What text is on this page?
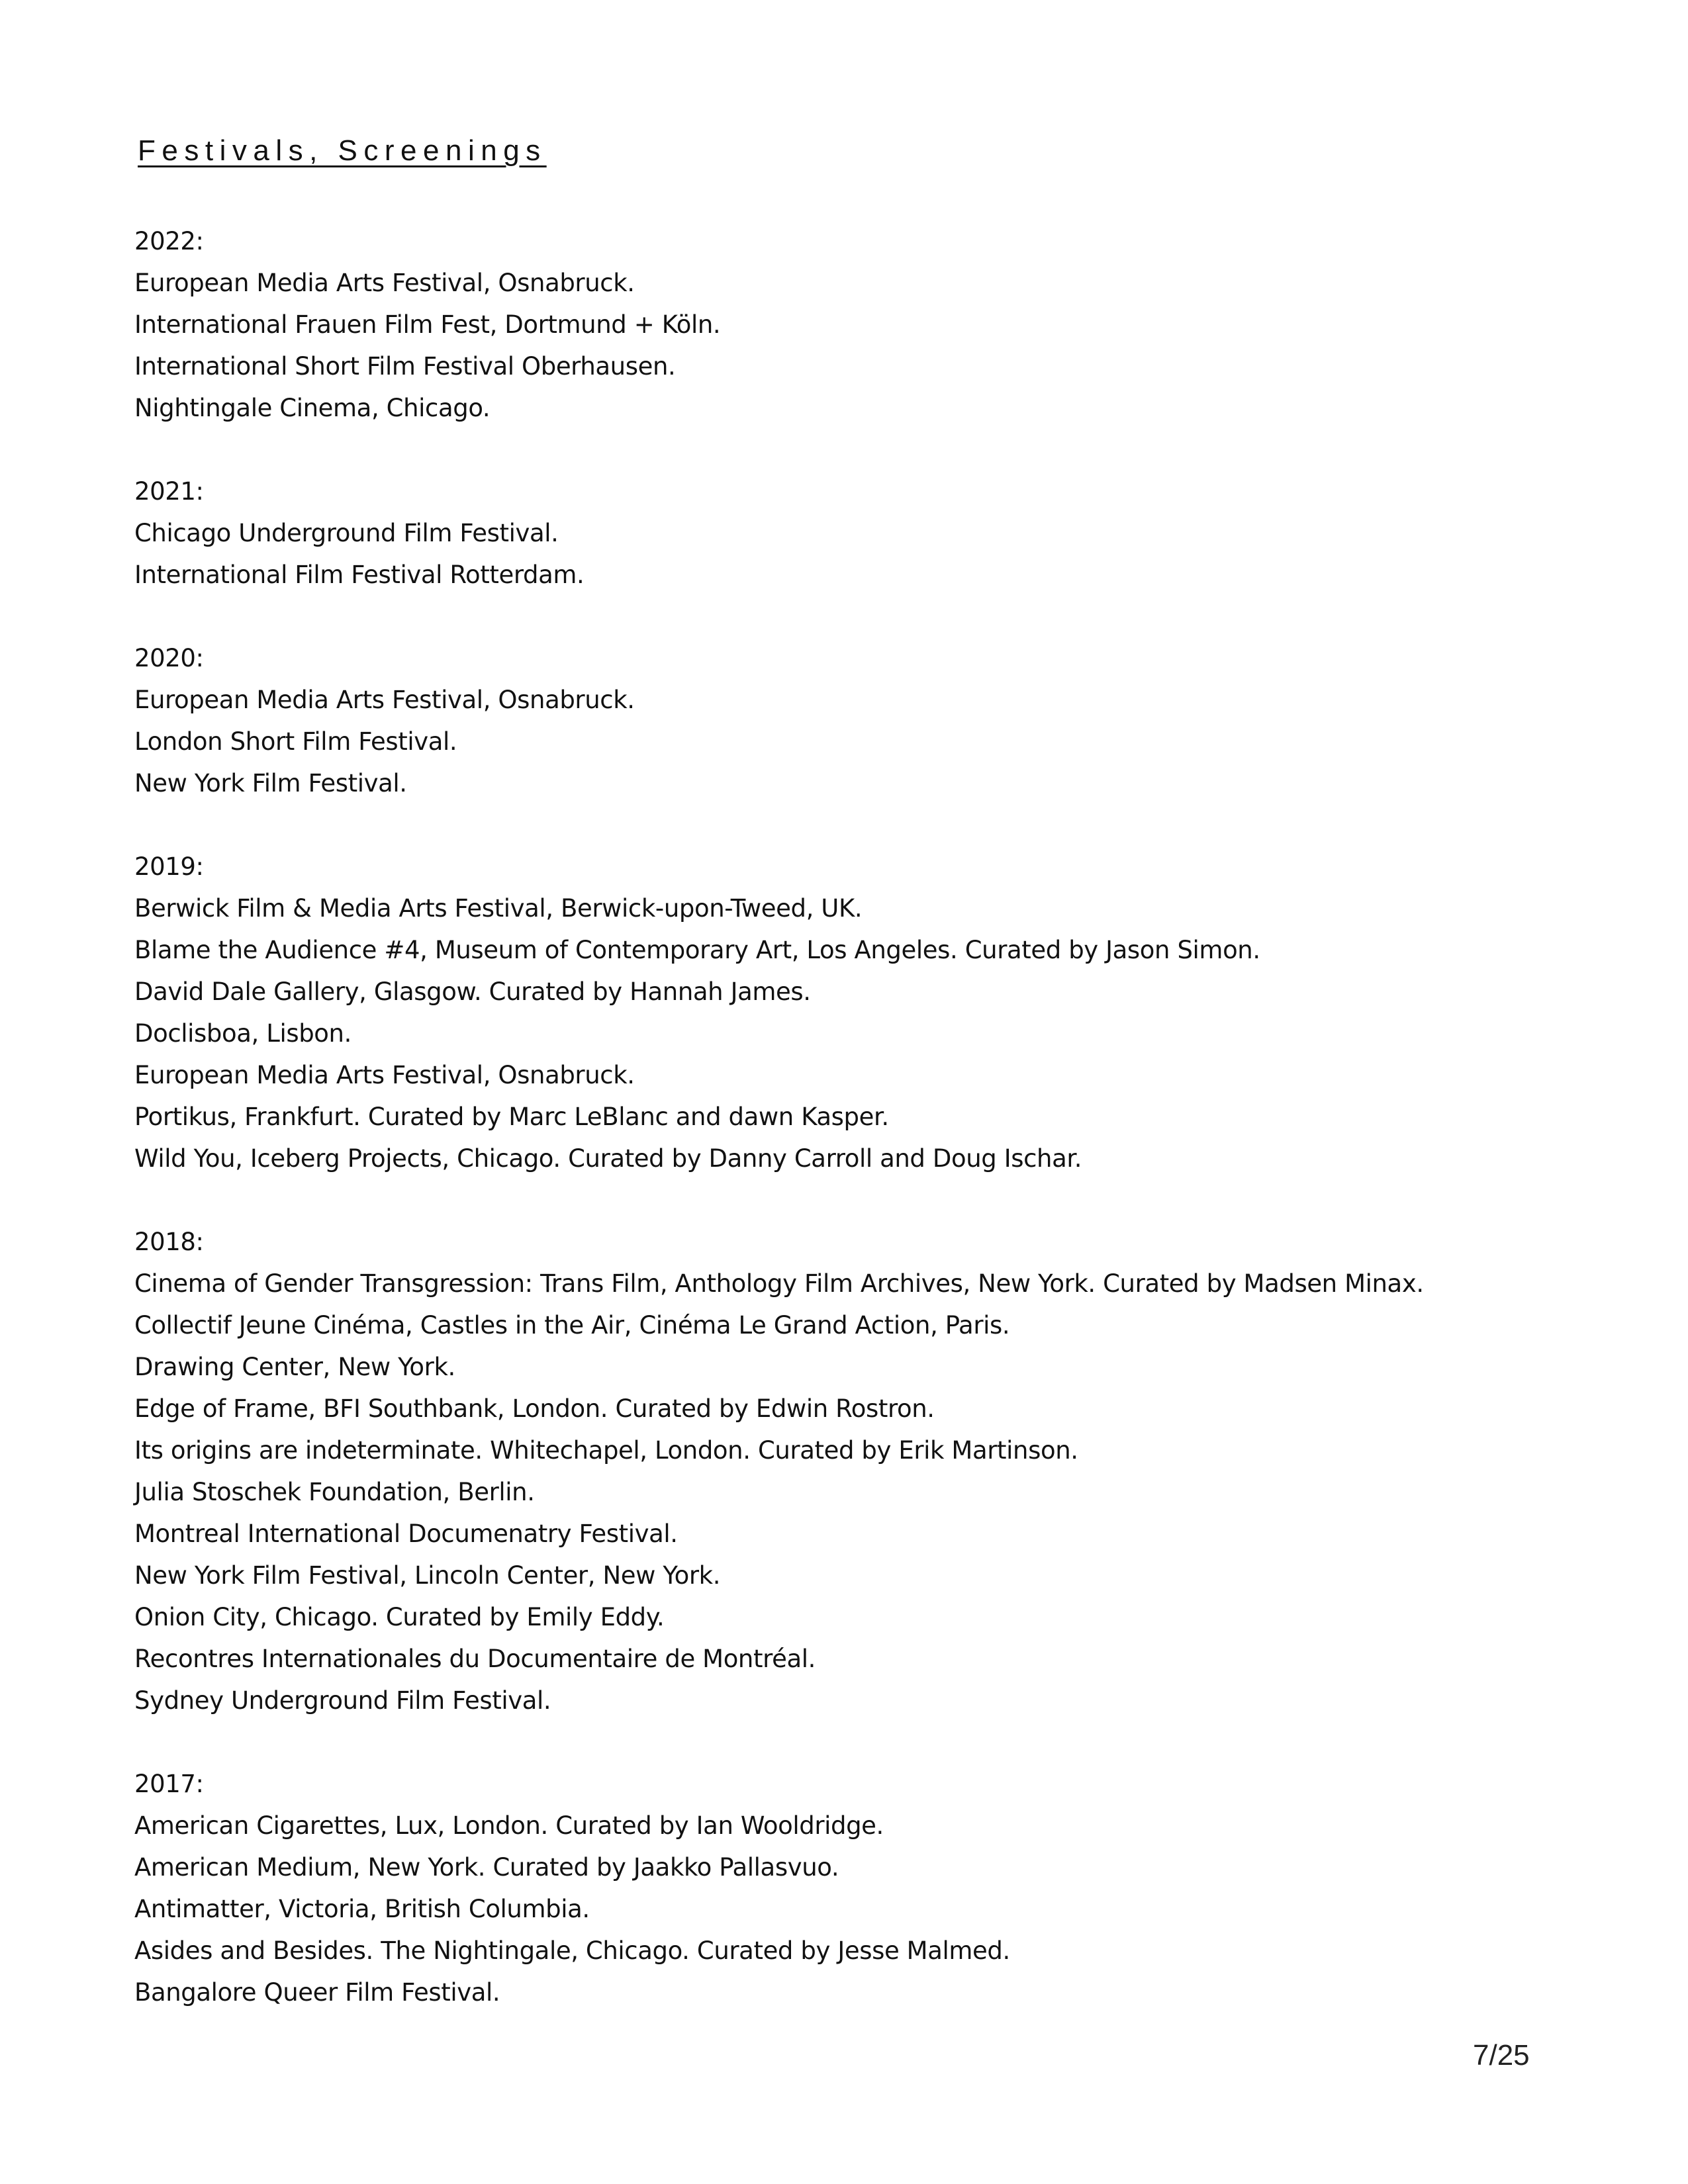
Festivals, Screenings
2022:
European Media Arts Festival, Osnabruck.
International Frauen Film Fest, Dortmund + Köln.
International Short Film Festival Oberhausen.
Nightingale Cinema, Chicago.
2021:
Chicago Underground Film Festival.
International Film Festival Rotterdam.
2020:
European Media Arts Festival, Osnabruck.
London Short Film Festival.
New York Film Festival.
2019:
Berwick Film & Media Arts Festival, Berwick-upon-Tweed, UK.
Blame the Audience #4, Museum of Contemporary Art, Los Angeles. Curated by Jason Simon.
David Dale Gallery, Glasgow. Curated by Hannah James.
Doclisboa, Lisbon.
European Media Arts Festival, Osnabruck.
Portikus, Frankfurt. Curated by Marc LeBlanc and dawn Kasper.
Wild You, Iceberg Projects, Chicago. Curated by Danny Carroll and Doug Ischar.
2018:
Cinema of Gender Transgression: Trans Film, Anthology Film Archives, New York. Curated by Madsen Minax.
Collectif Jeune Cinéma, Castles in the Air, Cinéma Le Grand Action, Paris.
Drawing Center, New York.
Edge of Frame, BFI Southbank, London. Curated by Edwin Rostron.
Its origins are indeterminate. Whitechapel, London. Curated by Erik Martinson.
Julia Stoschek Foundation, Berlin.
Montreal International Documenatry Festival.
New York Film Festival, Lincoln Center, New York.
Onion City, Chicago. Curated by Emily Eddy.
Recontres Internationales du Documentaire de Montréal.
Sydney Underground Film Festival.
2017:
American Cigarettes, Lux, London. Curated by Ian Wooldridge.
American Medium, New York. Curated by Jaakko Pallasvuo.
Antimatter, Victoria, British Columbia.
Asides and Besides. The Nightingale, Chicago. Curated by Jesse Malmed.
Bangalore Queer Film Festival.
7/25
